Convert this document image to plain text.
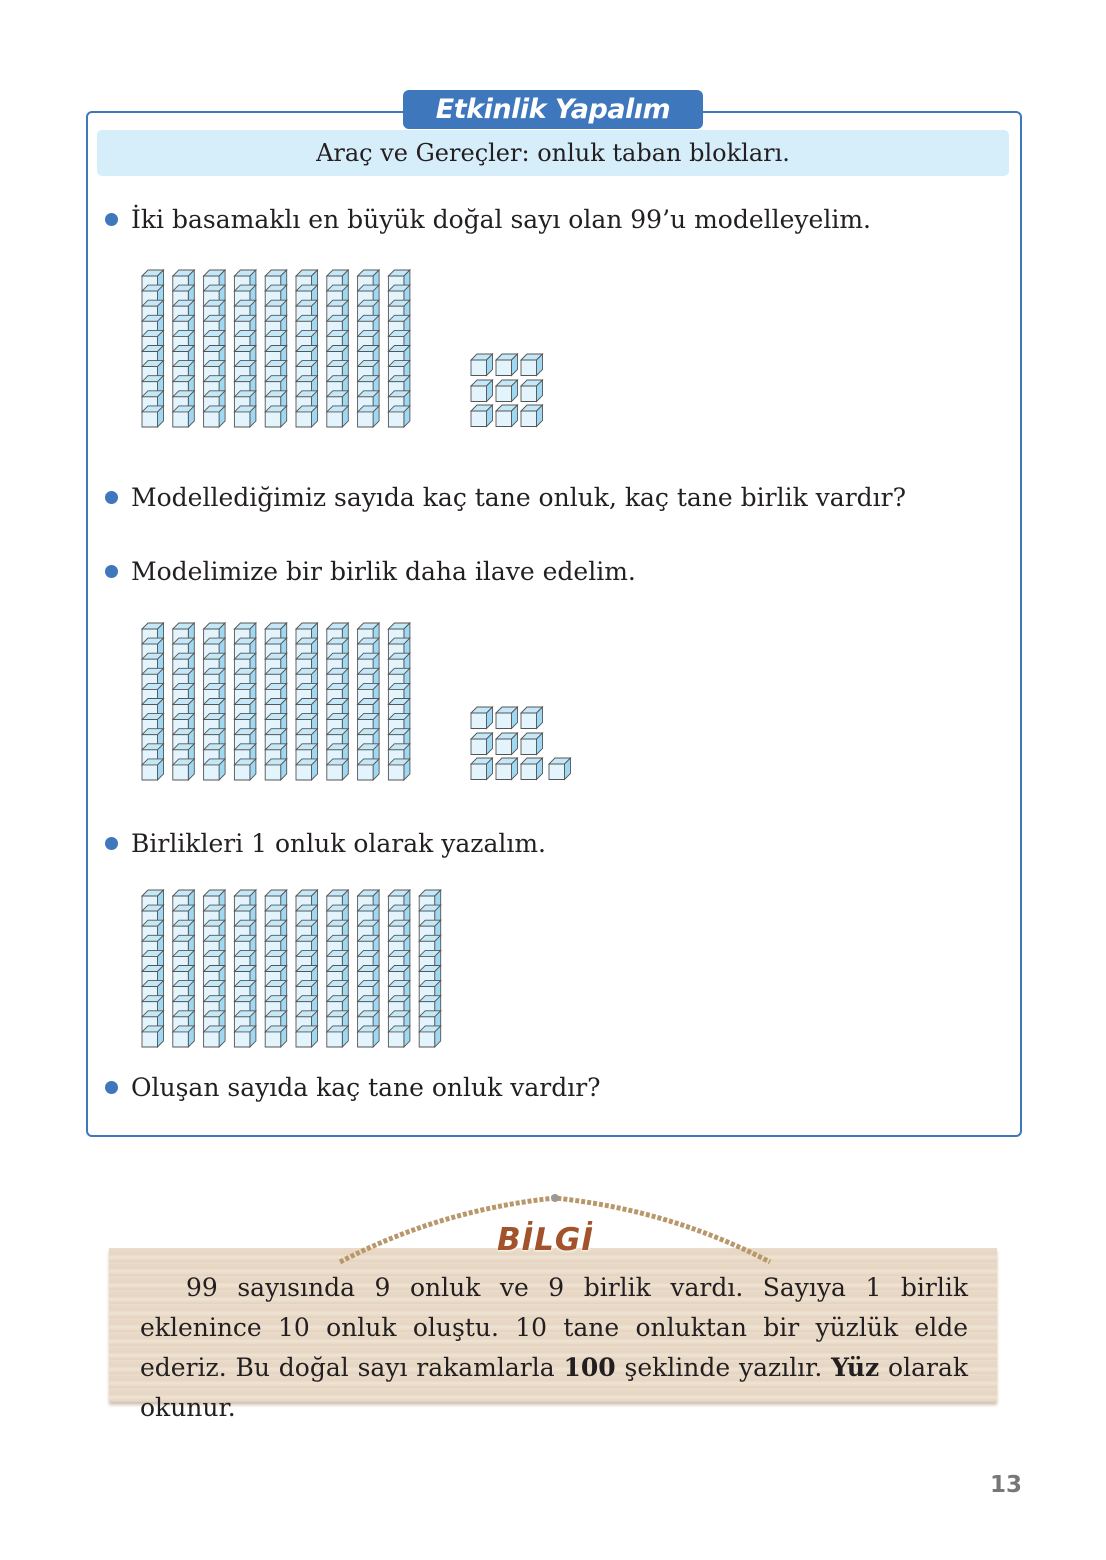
Etkinlik Yapalım
Araç ve Gereçler: onluk taban blokları.
İki basamaklı en büyük doğal sayı olan 99’u modelleyelim.
Modellediğimiz sayıda kaç tane onluk, kaç tane birlik vardır?
Modelimize bir birlik daha ilave edelim.
Birlikleri 1 onluk olarak yazalım.
Oluşan sayıda kaç tane onluk vardır?
BİLGİ
99 sayısında 9 onluk ve 9 birlik vardı. Sayıya 1 birlik eklenince 10 onluk oluştu. 10 tane onluktan bir yüzlük elde ederiz. Bu doğal sayı rakamlarla 100 şeklinde yazılır. Yüz olarak okunur.
13
